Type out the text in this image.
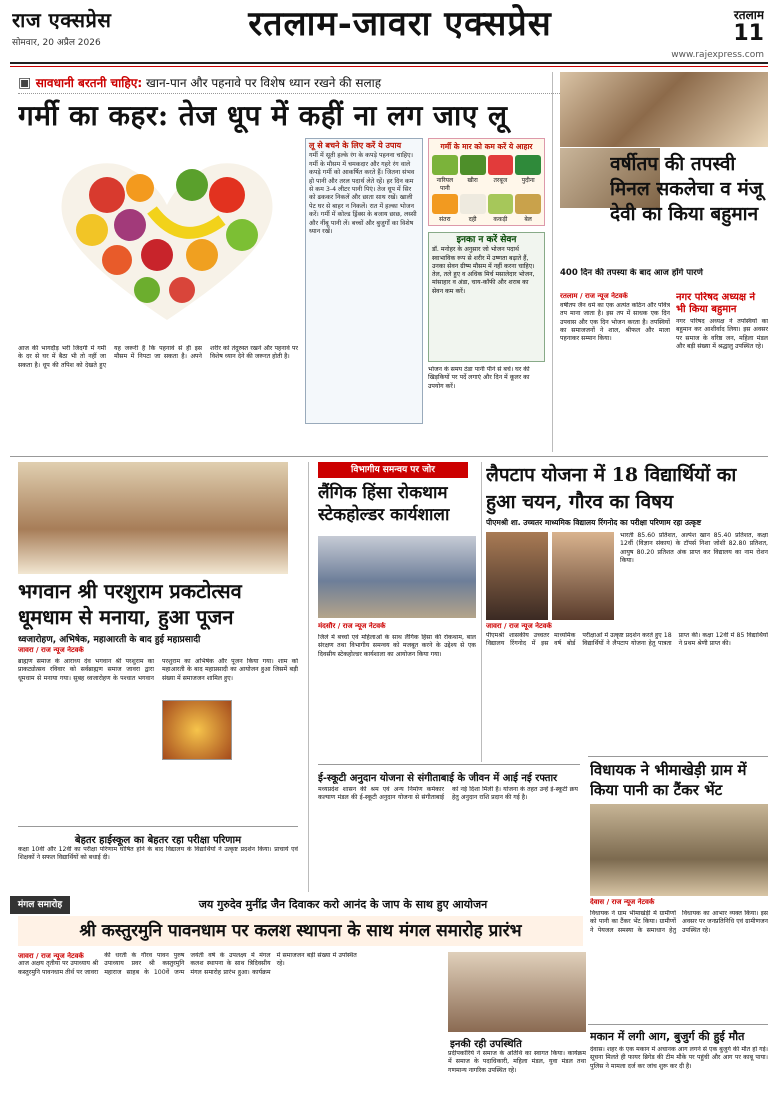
राज एक्सप्रेस
सोमवार, 20 अप्रैल 2026	रतलाम-जावरा एक्सप्रेस	रतलाम
11
www.rajexpress.com
▣ सावधानी बरतनी चाहिए: खान-पान और पहनावे पर विशेष ध्यान रखने की सलाह
गर्मी का कहर: तेज धूप में कहीं ना लग जाए लू
आज की भागदौड़ भरी जिंदगी में गर्मी के दर से घर में बैठा भी तो नहीं जा सकता है। धूप की तपिश को देखते हुए यह जरूरी है कि पहनावे से ही इस मौसम में निपटा जा सकता है। अपने शरीर को तंदुरुस्त रखने और पहनावे पर विशेष ध्यान देने की जरूरत होती है।
लू से बचने के लिए करें ये उपाय
गर्मी में सूती हल्के रंग के कपड़े पहनना चाहिए। गर्मी के मौसम में चमकदार और गहरे रंग वाले कपड़े गर्मी को आकर्षित करते हैं। जितना संभव हो पानी और तरल पदार्थ लेते रहें। हर दिन कम से कम 3-4 लीटर पानी पिएं। तेज धूप में सिर को ढककर निकलें और छाता साथ रखें। खाली पेट घर से बाहर न निकलें। रात में हल्का भोजन करें। गर्मी में कोल्ड ड्रिंक्स के बजाय छाछ, लस्सी और नींबू पानी लें। बच्चों और बुजुर्गों का विशेष ध्यान रखें।
गर्मी के मार को कम करें ये आहार
नारियल पानी
खीरा	तरबूज	पुदीना
संतरा	दही	ककड़ी	बेल
इनका न करें सेवन
डॉ. मनोहर के अनुसार जो भोजन पदार्थ स्वाभाविक रूप से शरीर में उष्णता बढ़ाते हैं, उनका सेवन ग्रीष्म मौसम में नहीं करना चाहिए। तेल, तले हुए व अधिक मिर्च मसालेदार भोजन, मांसाहार व अंडा, चाय-कॉफी और शराब का सेवन कम करें।
भोजन के समय ठंडा पानी पीने से बचें। घर की खिड़कियों पर पर्दे लगाएं और दिन में कूलर का उपयोग करें।
वर्षीतप की तपस्वी मिनल सकलेचा व मंजू देवी का किया बहुमान
400 दिन की तपस्या के बाद आज होंगे पारणे
रतलाम / राज न्यूज नेटवर्क
वर्षीतप जैन धर्म का एक अत्यंत कठिन और पवित्र तप माना जाता है। इस तप में साधक एक दिन उपवास और एक दिन भोजन करता है। तपस्वियों का समाजजनों ने शाल, श्रीफल और माला पहनाकर सम्मान किया।
नगर परिषद अध्यक्ष ने भी किया बहुमान
नगर परिषद अध्यक्ष ने तपस्वियों का बहुमान कर आशीर्वाद लिया। इस अवसर पर समाज के वरिष्ठ जन, महिला मंडल और बड़ी संख्या में श्रद्धालु उपस्थित रहे।
भगवान श्री परशुराम प्रकटोत्सव धूमधाम से मनाया, हुआ पूजन
ध्वजारोहण, अभिषेक, महाआरती के बाद हुई महाप्रसादी
जावरा / राज न्यूज नेटवर्क
ब्राह्मण समाज के आराध्य देव भगवान श्री परशुराम का प्राकट्योत्सव रविवार को सर्वब्राह्मण समाज जावरा द्वारा धूमधाम से मनाया गया। सुबह ध्वजारोहण के पश्चात भगवान परशुराम का अभिषेक और पूजन किया गया। शाम को महाआरती के बाद महाप्रसादी का आयोजन हुआ जिसमें बड़ी संख्या में समाजजन शामिल हुए।
बेहतर हाईस्कूल का बेहतर रहा परीक्षा परिणाम
कक्षा 10वीं और 12वीं का परीक्षा परिणाम घोषित होने के बाद विद्यालय के विद्यार्थियों ने उत्कृष्ट प्रदर्शन किया। प्राचार्य एवं शिक्षकों ने सफल विद्यार्थियों को बधाई दी।
विभागीय समन्वय पर जोर
लैंगिक हिंसा रोकथाम स्टेकहोल्डर कार्यशाला
मंदसौर / राज न्यूज नेटवर्क
जिले में बच्चों एवं महिलाओं के साथ लैंगिक हिंसा की रोकथाम, बाल संरक्षण तथा विभागीय समन्वय को मजबूत करने के उद्देश्य से एक दिवसीय स्टेकहोल्डर कार्यशाला का आयोजन किया गया।
ई-स्कूटी अनुदान योजना से संगीताबाई के जीवन में आई नई रफ्तार
मध्यप्रदेश शासन की श्रम एवं अन्य निर्माण कर्मकार कल्याण मंडल की ई-स्कूटी अनुदान योजना से संगीताबाई को नई दिशा मिली है। योजना के तहत उन्हें ई-स्कूटी क्रय हेतु अनुदान राशि प्रदान की गई है।
लैपटाप योजना में 18 विद्यार्थियों का हुआ चयन, गौरव का विषय
पीएमश्री शा. उच्चतर माध्यमिक विद्यालय रिंगनोद का परीक्षा परिणाम रहा उत्कृष्ट
भारती 85.60 प्रतिशत, अल्पेश खान 85.40 प्रतिशत, कक्षा 12वीं (विज्ञान संकाय) के टॉपर्स निशा जोशी 82.80 प्रतिशत, आयुष 80.20 प्रतिशत अंक प्राप्त कर विद्यालय का नाम रोशन किया।
जावरा / राज न्यूज नेटवर्क
पीएमश्री शासकीय उच्चतर माध्यमिक विद्यालय रिंगनोद में इस वर्ष बोर्ड परीक्षाओं में उत्कृष्ट प्रदर्शन करते हुए 18 विद्यार्थियों ने लैपटाप योजना हेतु पात्रता प्राप्त की। कक्षा 12वीं में 85 विद्यार्थियों ने प्रथम श्रेणी प्राप्त की।
विधायक ने भीमाखेड़ी ग्राम में किया पानी का टैंकर भेंट
देवास / राज न्यूज नेटवर्क
विधायक ने ग्राम भीमाखेड़ी में ग्रामीणों को पानी का टैंकर भेंट किया। ग्रामीणों ने पेयजल समस्या के समाधान हेतु विधायक का आभार व्यक्त किया। इस अवसर पर जनप्रतिनिधि एवं ग्रामीणजन उपस्थित रहे।
मंगल समारोह	जय गुरुदेव मुनींद्र जैन दिवाकर करो आनंद के जाप के साथ हुए आयोजन
श्री कस्तुरमुनि पावनधाम पर कलश स्थापना के साथ मंगल समारोह प्रारंभ
जावरा / राज न्यूज नेटवर्क
आज अक्षय तृतीया पर उपाध्याय श्री कस्तुरमुनि पावनधाम तीर्थ पर जावरा की धरती के गौरव पावन पुरुष उपाध्याय प्रवर श्री कस्तुरमुनि महाराज साहब के 100वें जन्म जयंती वर्ष के उपलक्ष्य में मंगल कलश स्थापना के साथ त्रिदिवसीय मंगल समारोह प्रारंभ हुआ। कार्यक्रम में समाजजन बड़ी संख्या में उपस्थित रहे।
इनकी रही उपस्थिति
प्रदीपकोरिये ने समाज के अतिथि का स्वागत किया। कार्यक्रम में समाज के पदाधिकारी, महिला मंडल, युवा मंडल तथा गणमान्य नागरिक उपस्थित रहे।
मकान में लगी आग, बुजुर्ग की हुई मौत
देवास। शहर के एक मकान में अचानक आग लगने से एक बुजुर्ग की मौत हो गई। सूचना मिलते ही फायर ब्रिगेड की टीम मौके पर पहुंची और आग पर काबू पाया। पुलिस ने मामला दर्ज कर जांच शुरू कर दी है।
